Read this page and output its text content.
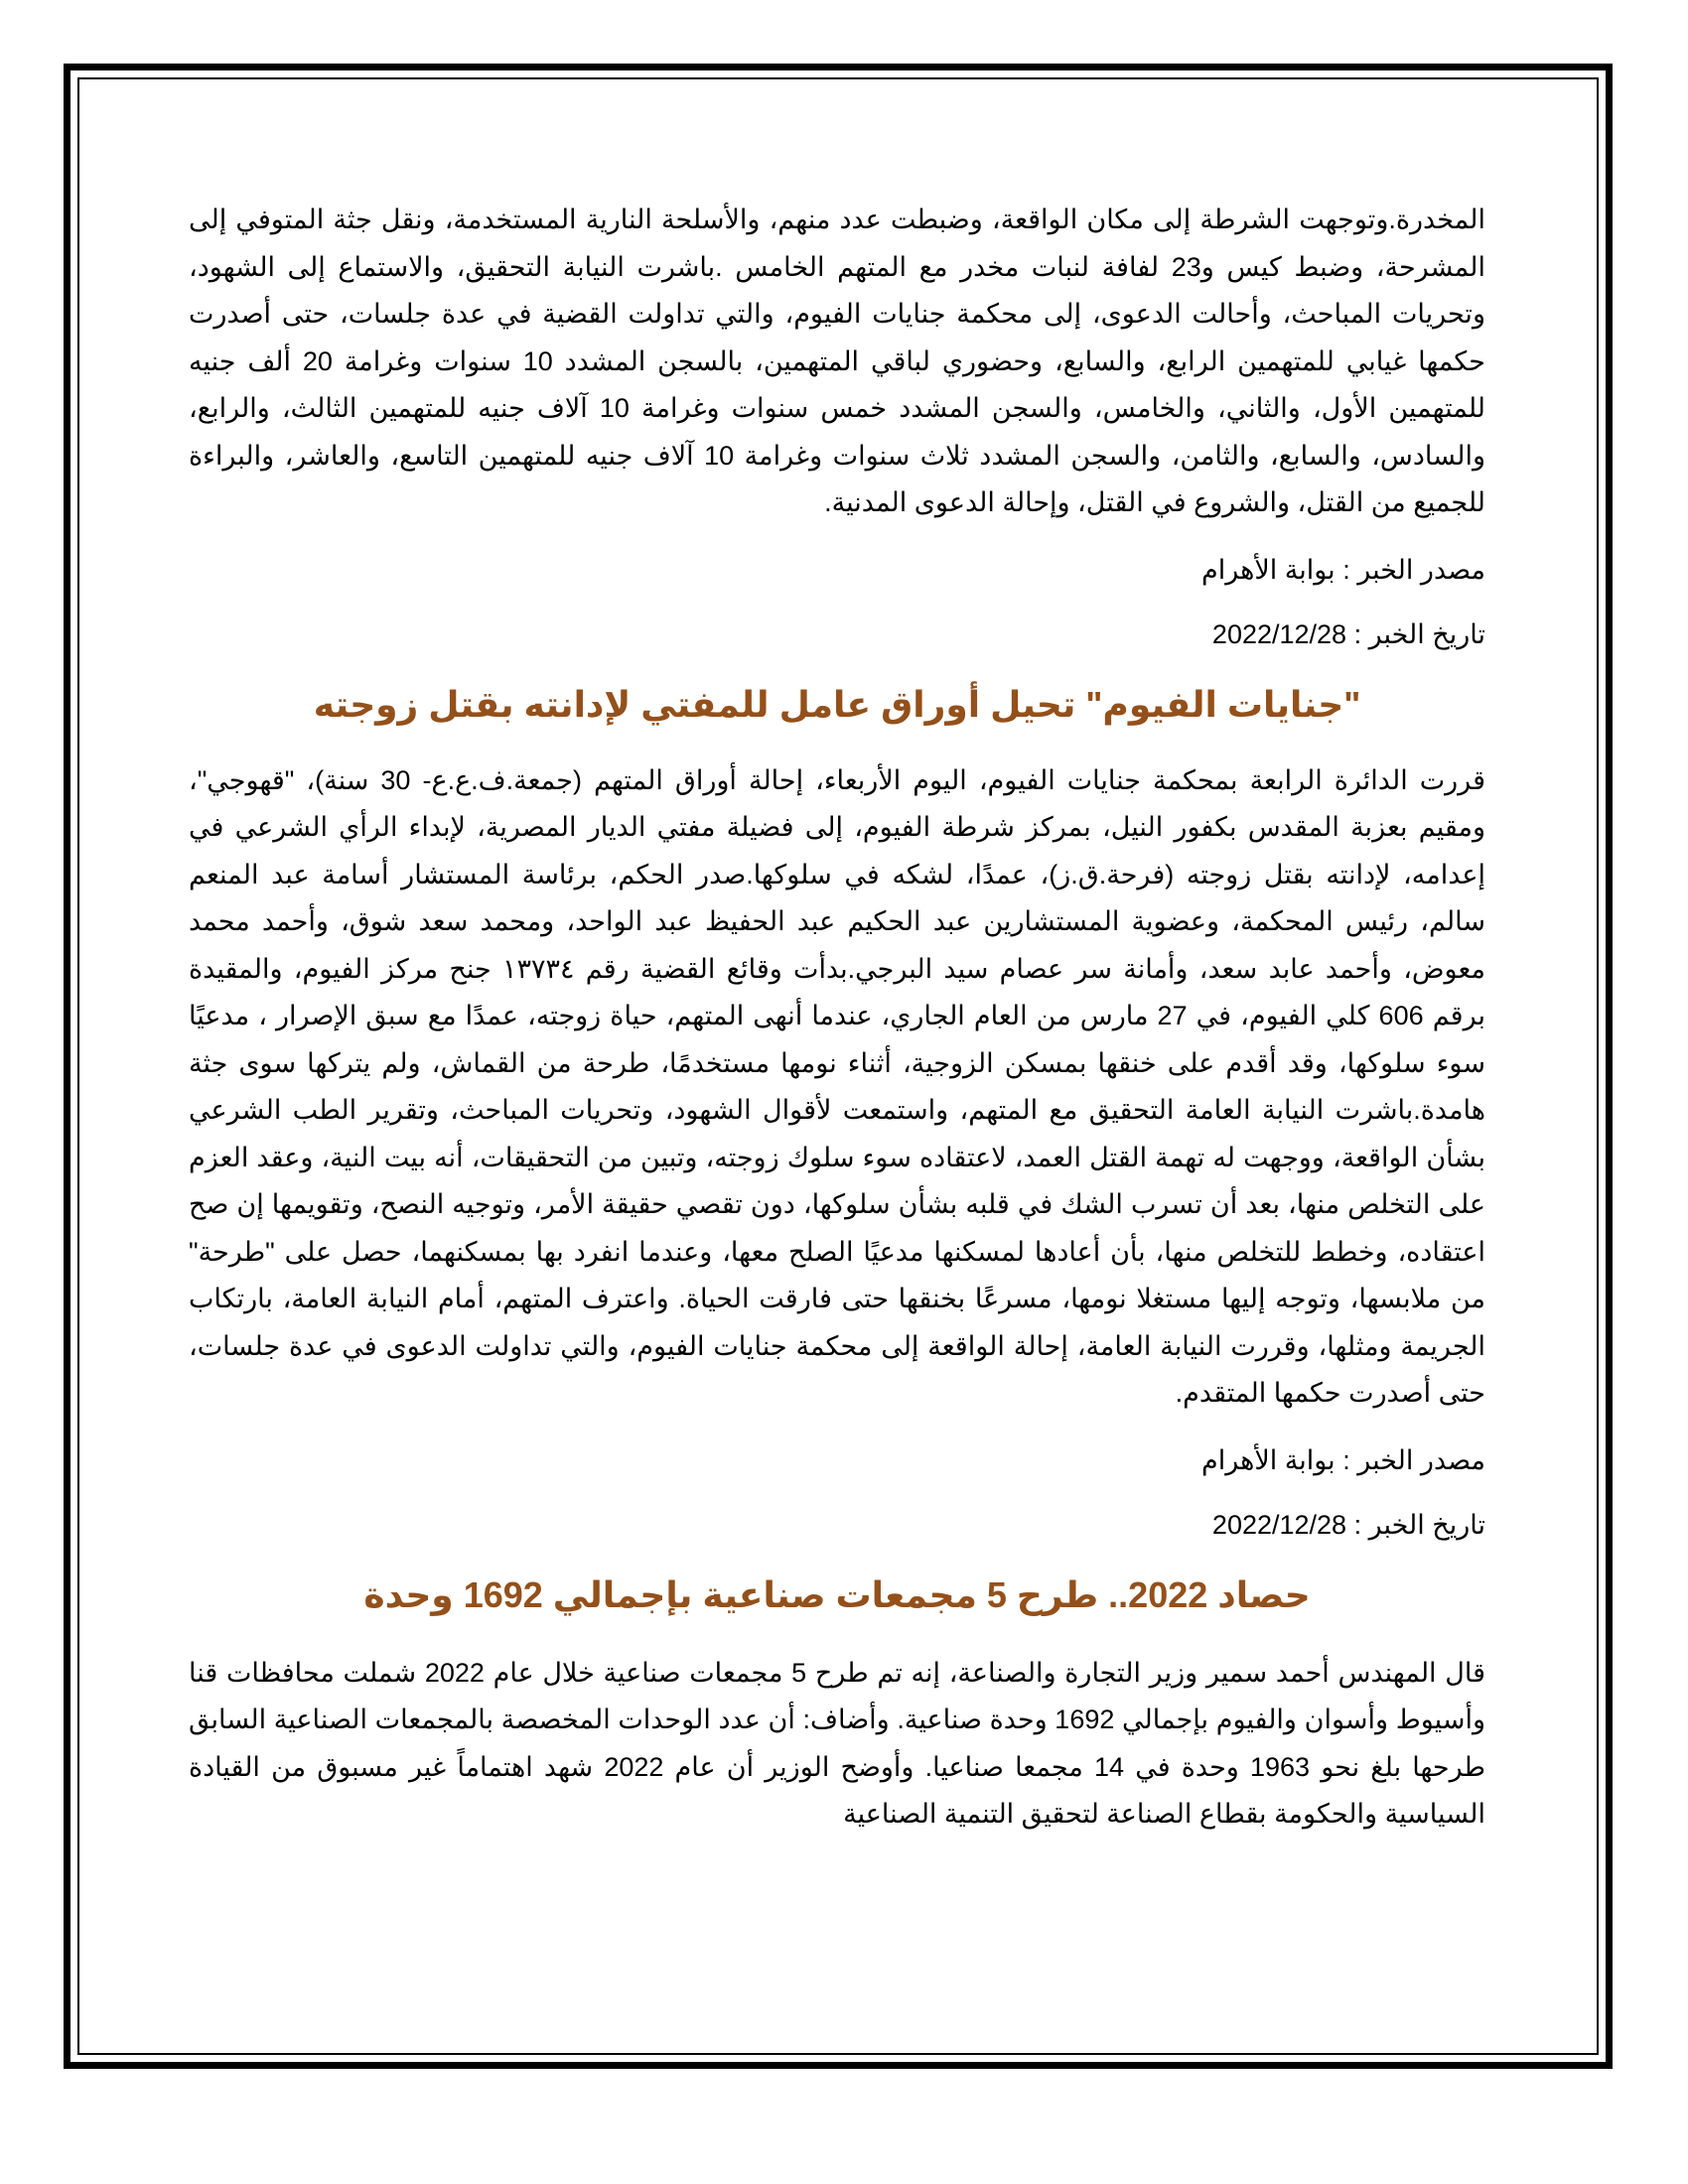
المخدرة.وتوجهت الشرطة إلى مكان الواقعة، وضبطت عدد منهم، والأسلحة النارية المستخدمة، ونقل جثة المتوفي إلى المشرحة، وضبط كيس و23 لفافة لنبات مخدر مع المتهم الخامس .باشرت النيابة التحقيق، والاستماع إلى الشهود، وتحريات المباحث، وأحالت الدعوى، إلى محكمة جنايات الفيوم، والتي تداولت القضية في عدة جلسات، حتى أصدرت حكمها غيابي للمتهمين الرابع، والسابع، وحضوري لباقي المتهمين، بالسجن المشدد 10 سنوات وغرامة 20 ألف جنيه للمتهمين الأول، والثاني، والخامس، والسجن المشدد خمس سنوات وغرامة 10 آلاف جنيه للمتهمين الثالث، والرابع، والسادس، والسابع، والثامن، والسجن المشدد ثلاث سنوات وغرامة 10 آلاف جنيه للمتهمين التاسع، والعاشر، والبراءة للجميع من القتل، والشروع في القتل، وإحالة الدعوى المدنية.

مصدر الخبر : بوابة الأهرام

تاريخ الخبر : 2022/12/28

"جنايات الفيوم" تحيل أوراق عامل للمفتي لإدانته بقتل زوجته

قررت الدائرة الرابعة بمحكمة جنايات الفيوم، اليوم الأربعاء، إحالة أوراق المتهم (جمعة.ف.ع.ع- 30 سنة)، "قهوجي"، ومقيم بعزبة المقدس بكفور النيل، بمركز شرطة الفيوم، إلى فضيلة مفتي الديار المصرية، لإبداء الرأي الشرعي في إعدامه، لإدانته بقتل زوجته (فرحة.ق.ز)، عمدًا، لشكه في سلوكها.صدر الحكم، برئاسة المستشار أسامة عبد المنعم سالم، رئيس المحكمة، وعضوية المستشارين عبد الحكيم عبد الحفيظ عبد الواحد، ومحمد سعد شوق، وأحمد محمد معوض، وأحمد عابد سعد، وأمانة سر عصام سيد البرجي.بدأت وقائع القضية رقم ١٣٧٣٤ جنح مركز الفيوم، والمقيدة برقم 606 كلي الفيوم، في 27 مارس من العام الجاري، عندما أنهى المتهم، حياة زوجته، عمدًا مع سبق الإصرار ، مدعيًا سوء سلوكها، وقد أقدم على خنقها بمسكن الزوجية، أثناء نومها مستخدمًا، طرحة من القماش، ولم يتركها سوى جثة هامدة.باشرت النيابة العامة التحقيق مع المتهم، واستمعت لأقوال الشهود، وتحريات المباحث، وتقرير الطب الشرعي بشأن الواقعة، ووجهت له تهمة القتل العمد، لاعتقاده سوء سلوك زوجته، وتبين من التحقيقات، أنه بيت النية، وعقد العزم على التخلص منها، بعد أن تسرب الشك في قلبه بشأن سلوكها، دون تقصي حقيقة الأمر، وتوجيه النصح، وتقويمها إن صح اعتقاده، وخطط للتخلص منها، بأن أعادها لمسكنها مدعيًا الصلح معها، وعندما انفرد بها بمسكنهما، حصل على "طرحة" من ملابسها، وتوجه إليها مستغلا نومها، مسرعًا بخنقها حتى فارقت الحياة. واعترف المتهم، أمام النيابة العامة، بارتكاب الجريمة ومثلها، وقررت النيابة العامة، إحالة الواقعة إلى محكمة جنايات الفيوم، والتي تداولت الدعوى في عدة جلسات، حتى أصدرت حكمها المتقدم.

مصدر الخبر : بوابة الأهرام

تاريخ الخبر : 2022/12/28

حصاد 2022.. طرح 5 مجمعات صناعية بإجمالي 1692 وحدة

قال المهندس أحمد سمير وزير التجارة والصناعة، إنه تم طرح 5 مجمعات صناعية خلال عام 2022 شملت محافظات قنا وأسيوط وأسوان والفيوم بإجمالي 1692 وحدة صناعية. وأضاف: أن عدد الوحدات المخصصة بالمجمعات الصناعية السابق طرحها بلغ نحو 1963 وحدة في 14 مجمعا صناعيا. وأوضح الوزير أن عام 2022 شهد اهتماماً غير مسبوق من القيادة السياسية والحكومة بقطاع الصناعة لتحقيق التنمية الصناعية
